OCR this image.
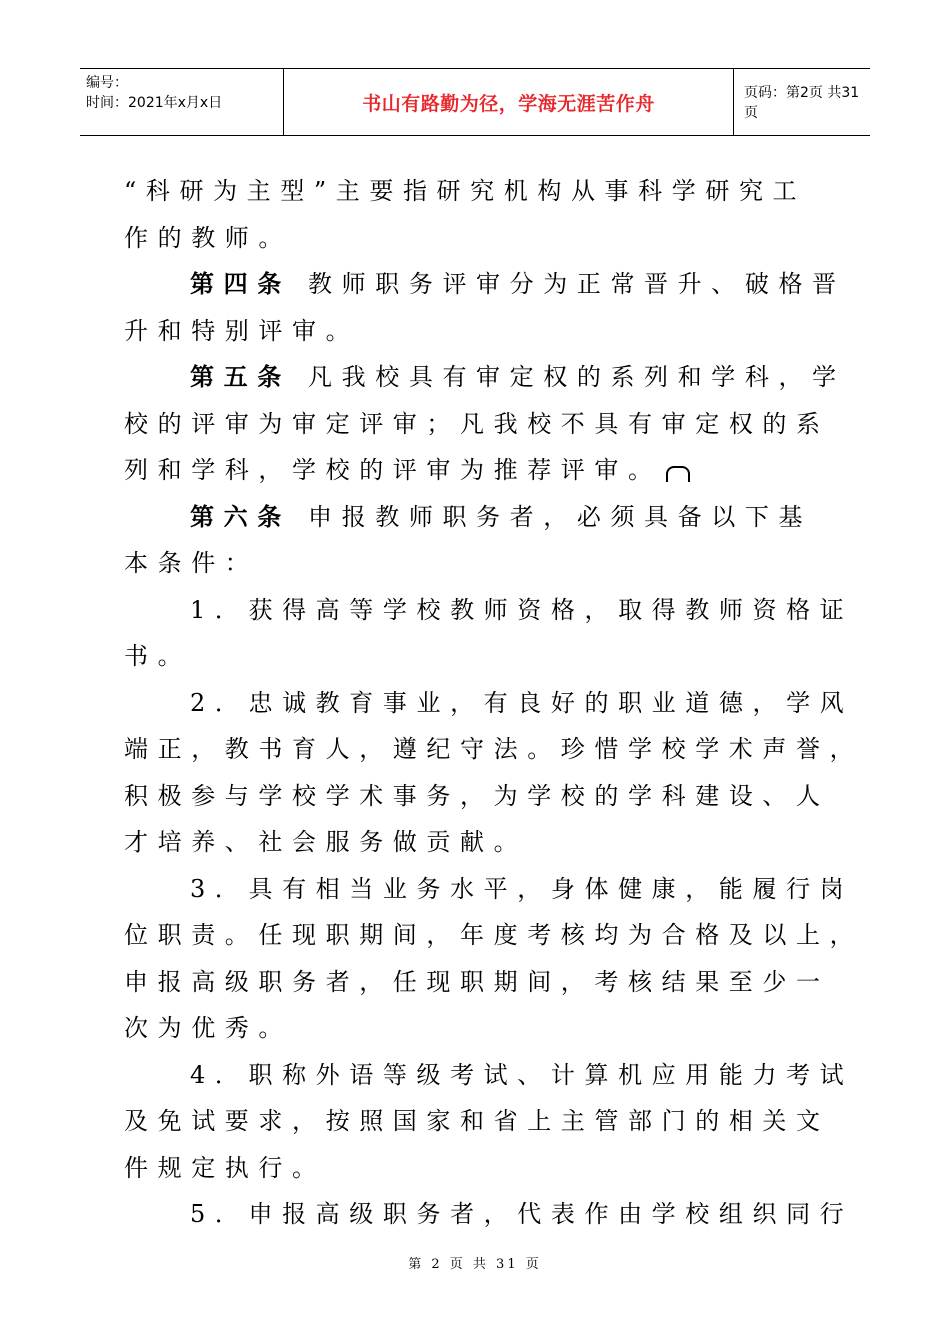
编号：
时间：2021年x月x日	书山有路勤为径，学海无涯苦作舟	页码：第2页 共31页
“科研为主型”主要指研究机构从事科学研究工
作的教师。
第四条 教师职务评审分为正常晋升、破格晋
升和特别评审。
第五条 凡我校具有审定权的系列和学科，学
校的评审为审定评审；凡我校不具有审定权的系
列和学科，学校的评审为推荐评审。
第六条 申报教师职务者，必须具备以下基
本条件：
1．获得高等学校教师资格，取得教师资格证
书。
2．忠诚教育事业，有良好的职业道德，学风
端正，教书育人，遵纪守法。珍惜学校学术声誉，
积极参与学校学术事务，为学校的学科建设、人
才培养、社会服务做贡献。
3．具有相当业务水平，身体健康，能履行岗
位职责。任现职期间，年度考核均为合格及以上，
申报高级职务者，任现职期间，考核结果至少一
次为优秀。
4．职称外语等级考试、计算机应用能力考试
及免试要求，按照国家和省上主管部门的相关文
件规定执行。
5．申报高级职务者，代表作由学校组织同行
第 2 页 共 31 页
